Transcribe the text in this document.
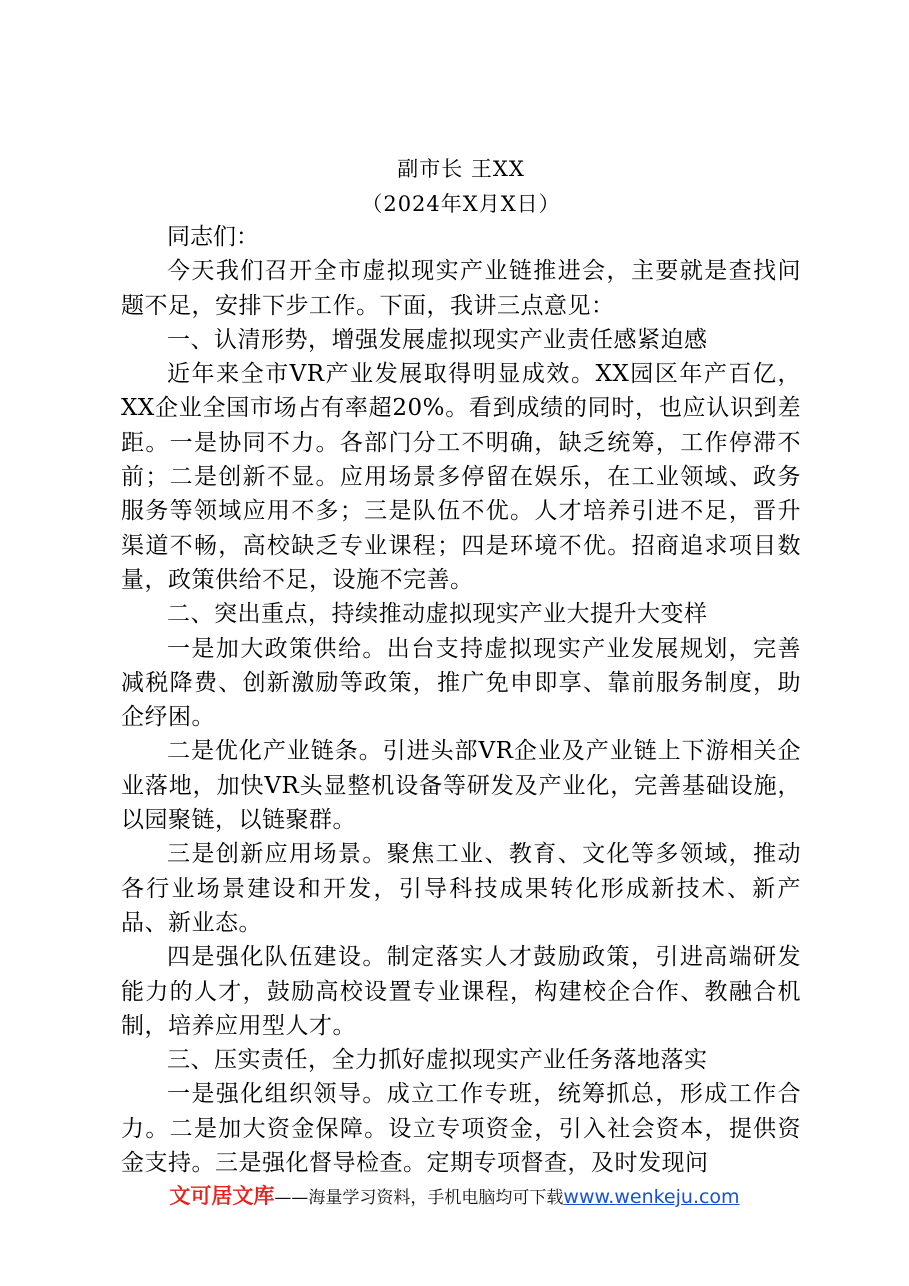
副市长 王XX
（2024年X月X日）

同志们：

今天我们召开全市虚拟现实产业链推进会，主要就是查找问题不足，安排下步工作。下面，我讲三点意见：

一、认清形势，增强发展虚拟现实产业责任感紧迫感

近年来全市VR产业发展取得明显成效。XX园区年产百亿，XX企业全国市场占有率超20%。看到成绩的同时，也应认识到差距。一是协同不力。各部门分工不明确，缺乏统筹，工作停滞不前；二是创新不显。应用场景多停留在娱乐，在工业领域、政务服务等领域应用不多；三是队伍不优。人才培养引进不足，晋升渠道不畅，高校缺乏专业课程；四是环境不优。招商追求项目数量，政策供给不足，设施不完善。

二、突出重点，持续推动虚拟现实产业大提升大变样

一是加大政策供给。出台支持虚拟现实产业发展规划，完善减税降费、创新激励等政策，推广免申即享、靠前服务制度，助企纾困。

二是优化产业链条。引进头部VR企业及产业链上下游相关企业落地，加快VR头显整机设备等研发及产业化，完善基础设施，以园聚链，以链聚群。

三是创新应用场景。聚焦工业、教育、文化等多领域，推动各行业场景建设和开发，引导科技成果转化形成新技术、新产品、新业态。

四是强化队伍建设。制定落实人才鼓励政策，引进高端研发能力的人才，鼓励高校设置专业课程，构建校企合作、教融合机制，培养应用型人才。

三、压实责任，全力抓好虚拟现实产业任务落地落实

一是强化组织领导。成立工作专班，统筹抓总，形成工作合力。二是加大资金保障。设立专项资金，引入社会资本，提供资金支持。三是强化督导检查。定期专项督查，及时发现问

文可居文库——海量学习资料，手机电脑均可下载www.wenkeju.com
